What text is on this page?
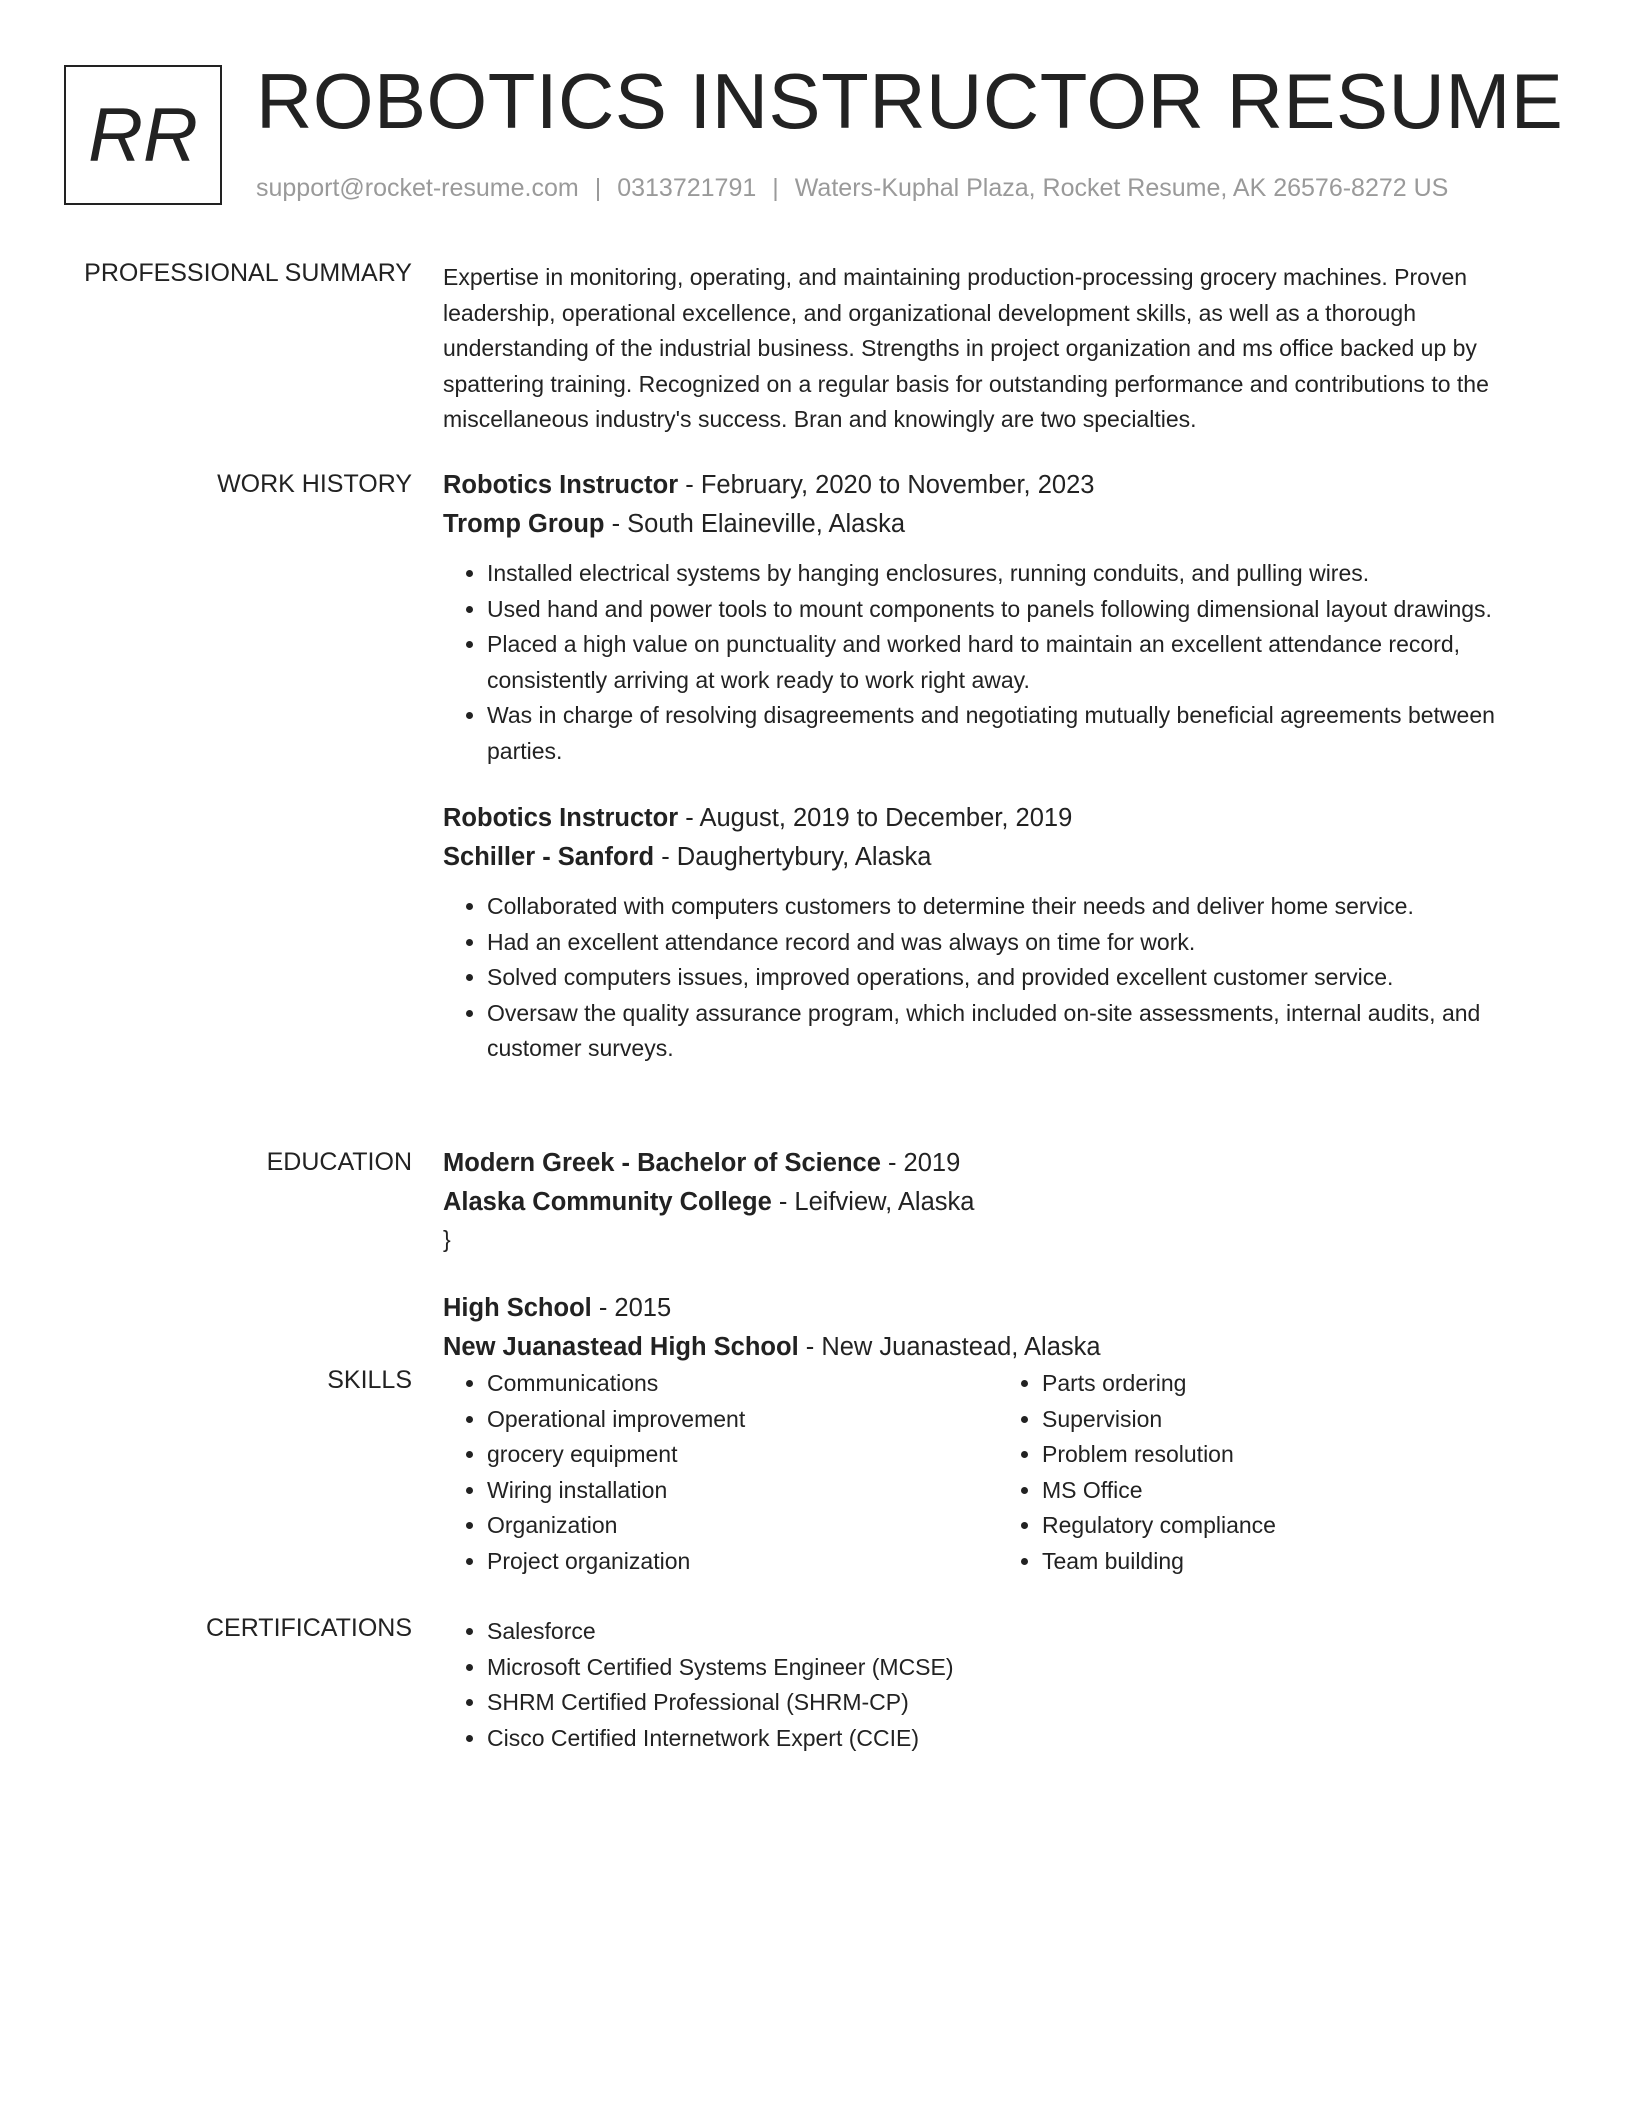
RR ROBOTICS INSTRUCTOR RESUME
support@rocket-resume.com | 0313721791 | Waters-Kuphal Plaza, Rocket Resume, AK 26576-8272 US
PROFESSIONAL SUMMARY Expertise in monitoring, operating, and maintaining production-processing grocery machines. Proven leadership, operational excellence, and organizational development skills, as well as a thorough understanding of the industrial business. Strengths in project organization and ms office backed up by spattering training. Recognized on a regular basis for outstanding performance and contributions to the miscellaneous industry's success. Bran and knowingly are two specialties.

WORK HISTORY Robotics Instructor - February, 2020 to November, 2023
Tromp Group - South Elaineville, Alaska
• Installed electrical systems by hanging enclosures, running conduits, and pulling wires.
• Used hand and power tools to mount components to panels following dimensional layout drawings.
• Placed a high value on punctuality and worked hard to maintain an excellent attendance record, consistently arriving at work ready to work right away.
• Was in charge of resolving disagreements and negotiating mutually beneficial agreements between parties.
Robotics Instructor - August, 2019 to December, 2019
Schiller - Sanford - Daughertybury, Alaska
• Collaborated with computers customers to determine their needs and deliver home service.
• Had an excellent attendance record and was always on time for work.
• Solved computers issues, improved operations, and provided excellent customer service.
• Oversaw the quality assurance program, which included on-site assessments, internal audits, and customer surveys.
EDUCATION Modern Greek - Bachelor of Science - 2019
Alaska Community College - Leifview, Alaska
}
High School - 2015
New Juanastead High School - New Juanastead, Alaska
SKILLS	• Communications
• Operational improvement
• grocery equipment
• Wiring installation
• Organization
• Project organization
• Parts ordering
• Supervision
• Problem resolution
• MS Office
• Regulatory compliance
• Team building
CERTIFICATIONS	• Salesforce
• Microsoft Certified Systems Engineer (MCSE)
• SHRM Certified Professional (SHRM-CP)
• Cisco Certified Internetwork Expert (CCIE)
